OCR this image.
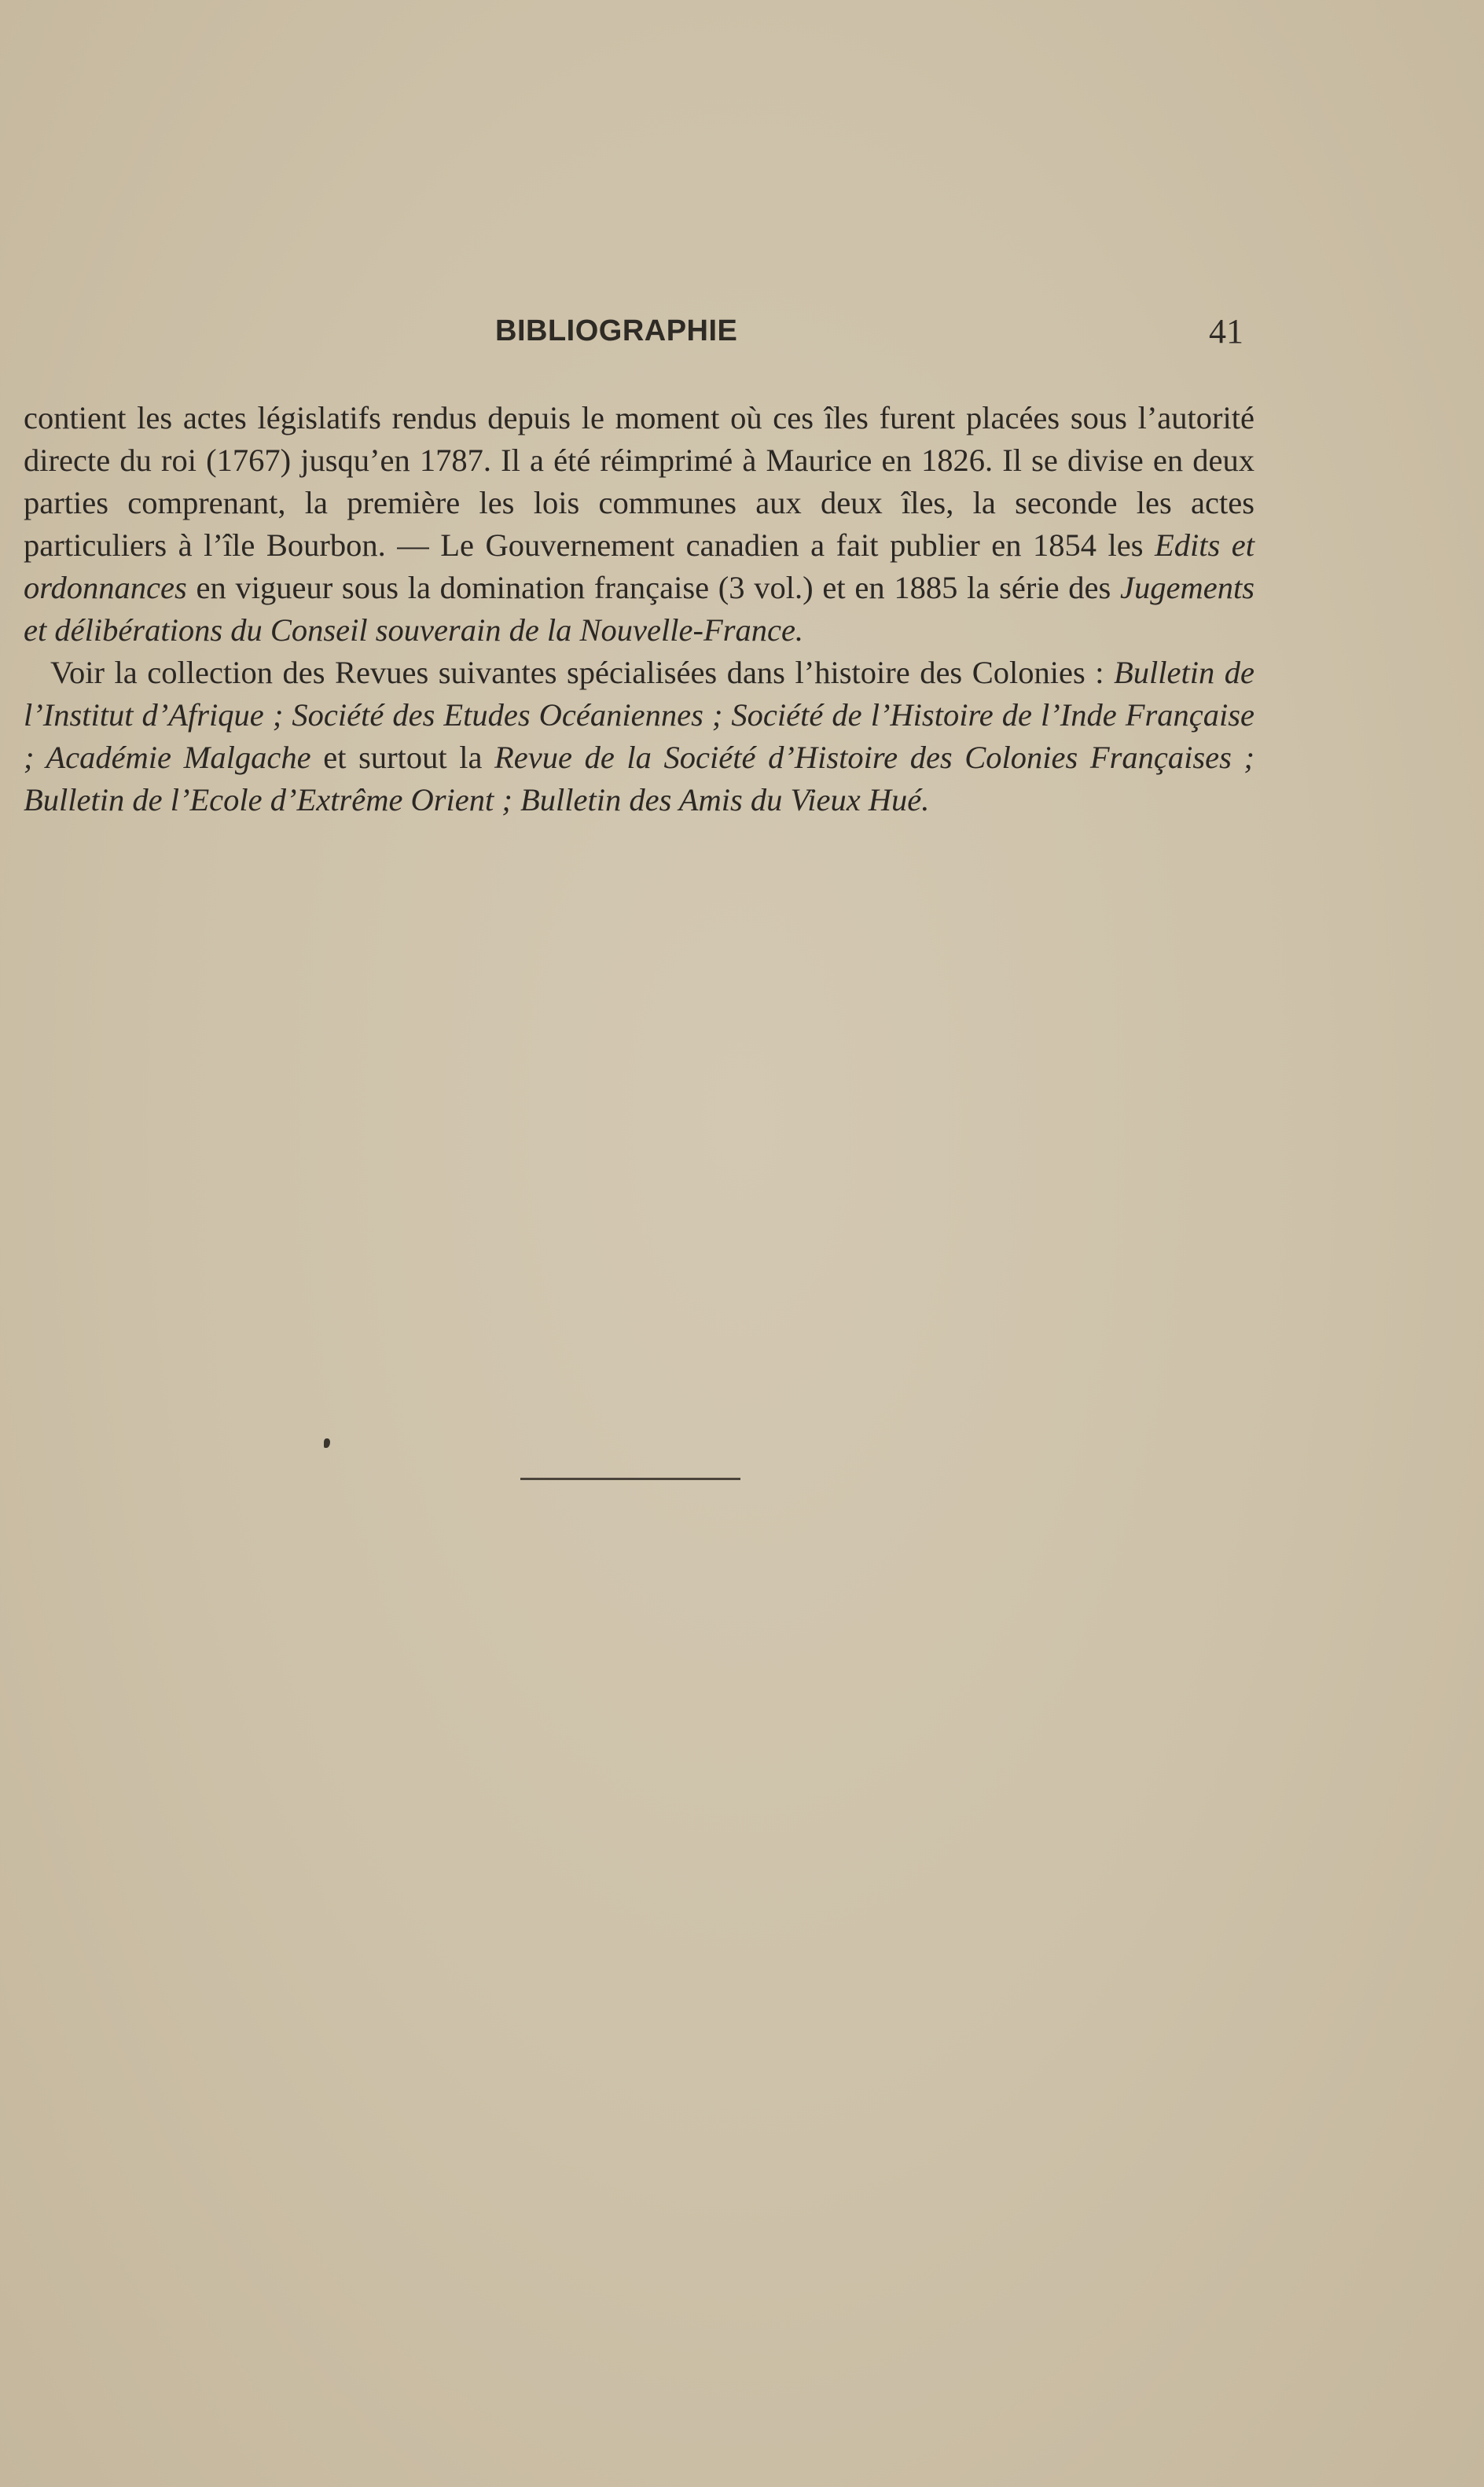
BIBLIOGRAPHIE	41

contient les actes législatifs rendus depuis le moment où ces îles furent placées sous l’autorité directe du roi (1767) jusqu’en 1787. Il a été réimprimé à Maurice en 1826. Il se divise en deux parties comprenant, la première les lois communes aux deux îles, la seconde les actes particuliers à l’île Bourbon. — Le Gouvernement canadien a fait publier en 1854 les Edits et ordonnances en vigueur sous la domination française (3 vol.) et en 1885 la série des Jugements et délibérations du Conseil souverain de la Nouvelle-France.

Voir la collection des Revues suivantes spécialisées dans l’histoire des Colonies : Bulletin de l’Institut d’Afrique ; Société des Etudes Océaniennes ; Société de l’Histoire de l’Inde Française ; Académie Malgache et surtout la Revue de la Société d’Histoire des Colonies Françaises ; Bulletin de l’Ecole d’Extrême Orient ; Bulletin des Amis du Vieux Hué.
